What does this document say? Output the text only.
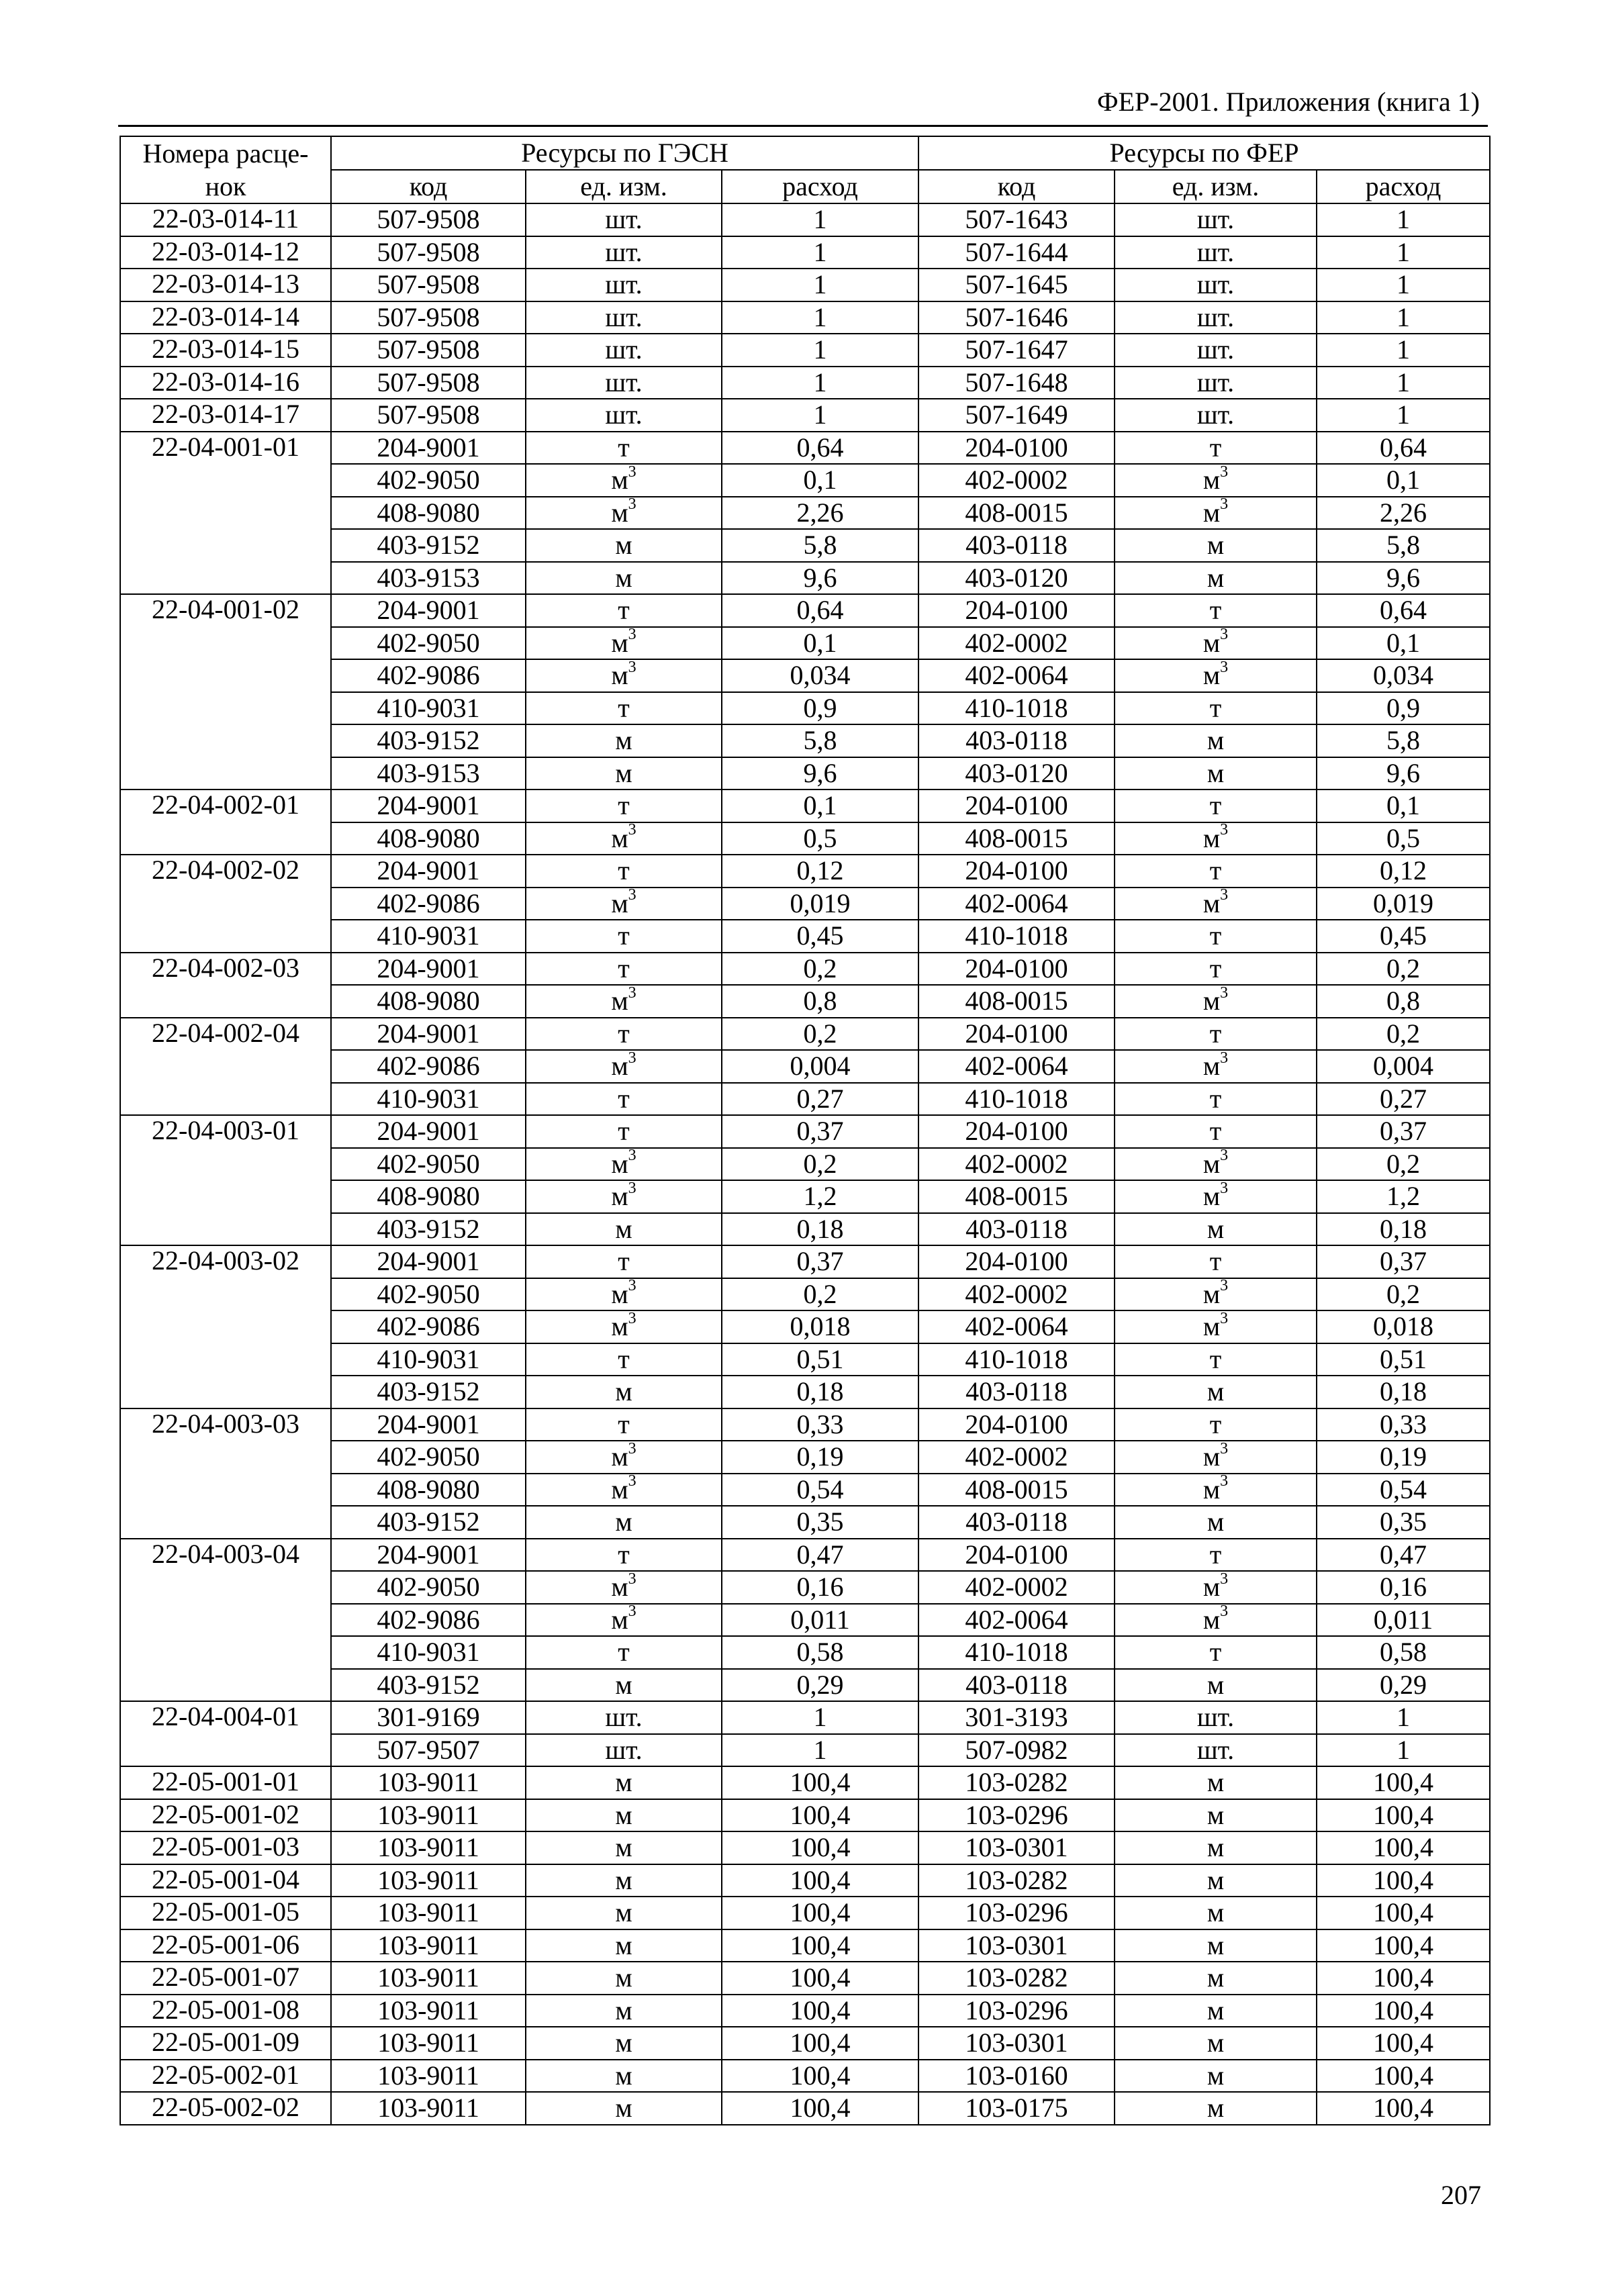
ФЕР-2001. Приложения (книга 1)
Номера расце-	Ресурсы по ГЭСН			Ресурсы по ФЕР		
нок	код	ед. изм.	расход	код	ед. изм.	расход
22-03-014-11	507-9508	шт.	1	507-1643	шт.	1
22-03-014-12	507-9508	шт.	1	507-1644	шт.	1
22-03-014-13	507-9508	шт.	1	507-1645	шт.	1
22-03-014-14	507-9508	шт.	1	507-1646	шт.	1
22-03-014-15	507-9508	шт.	1	507-1647	шт.	1
22-03-014-16	507-9508	шт.	1	507-1648	шт.	1
22-03-014-17	507-9508	шт.	1	507-1649	шт.	1
22-04-001-01	204-9001	т	0,64	204-0100	т	0,64
	402-9050	$м^3$	0,1	402-0002	$м^3$	0,1
	408-9080	$м^3$	2,26	408-0015	$м^3$	2,26
	403-9152	м	5,8	403-0118	м	5,8
	403-9153	м	9,6	403-0120	м	9,6
22-04-001-02	204-9001	т	0,64	204-0100	т	0,64
	402-9050	$м^3$	0,1	402-0002	$м^3$	0,1
	402-9086	$м^3$	0,034	402-0064	$м^3$	0,034
	410-9031	т	0,9	410-1018	т	0,9
	403-9152	м	5,8	403-0118	м	5,8
	403-9153	м	9,6	403-0120	м	9,6
22-04-002-01	204-9001	т	0,1	204-0100	т	0,1
	408-9080	$м^3$	0,5	408-0015	$м^3$	0,5
22-04-002-02	204-9001	т	0,12	204-0100	т	0,12
	402-9086	$м^3$	0,019	402-0064	$м^3$	0,019
	410-9031	т	0,45	410-1018	т	0,45
22-04-002-03	204-9001	т	0,2	204-0100	т	0,2
	408-9080	$м^3$	0,8	408-0015	$м^3$	0,8
22-04-002-04	204-9001	т	0,2	204-0100	т	0,2
	402-9086	$м^3$	0,004	402-0064	$м^3$	0,004
	410-9031	т	0,27	410-1018	т	0,27
22-04-003-01	204-9001	т	0,37	204-0100	т	0,37
	402-9050	$м^3$	0,2	402-0002	$м^3$	0,2
	408-9080	$м^3$	1,2	408-0015	$м^3$	1,2
	403-9152	м	0,18	403-0118	м	0,18
22-04-003-02	204-9001	т	0,37	204-0100	т	0,37
	402-9050	$м^3$	0,2	402-0002	$м^3$	0,2
	402-9086	$м^3$	0,018	402-0064	$м^3$	0,018
	410-9031	т	0,51	410-1018	т	0,51
	403-9152	м	0,18	403-0118	м	0,18
22-04-003-03	204-9001	т	0,33	204-0100	т	0,33
	402-9050	$м^3$	0,19	402-0002	$м^3$	0,19
	408-9080	$м^3$	0,54	408-0015	$м^3$	0,54
	403-9152	м	0,35	403-0118	м	0,35
22-04-003-04	204-9001	т	0,47	204-0100	т	0,47
	402-9050	$м^3$	0,16	402-0002	$м^3$	0,16
	402-9086	$м^3$	0,011	402-0064	$м^3$	0,011
	410-9031	т	0,58	410-1018	т	0,58
	403-9152	м	0,29	403-0118	м	0,29
22-04-004-01	301-9169	шт.	1	301-3193	шт.	1
	507-9507	шт.	1	507-0982	шт.	1
22-05-001-01	103-9011	м	100,4	103-0282	м	100,4
22-05-001-02	103-9011	м	100,4	103-0296	м	100,4
22-05-001-03	103-9011	м	100,4	103-0301	м	100,4
22-05-001-04	103-9011	м	100,4	103-0282	м	100,4
22-05-001-05	103-9011	м	100,4	103-0296	м	100,4
22-05-001-06	103-9011	м	100,4	103-0301	м	100,4
22-05-001-07	103-9011	м	100,4	103-0282	м	100,4
22-05-001-08	103-9011	м	100,4	103-0296	м	100,4
22-05-001-09	103-9011	м	100,4	103-0301	м	100,4
22-05-002-01	103-9011	м	100,4	103-0160	м	100,4
22-05-002-02	103-9011	м	100,4	103-0175	м	100,4
207
